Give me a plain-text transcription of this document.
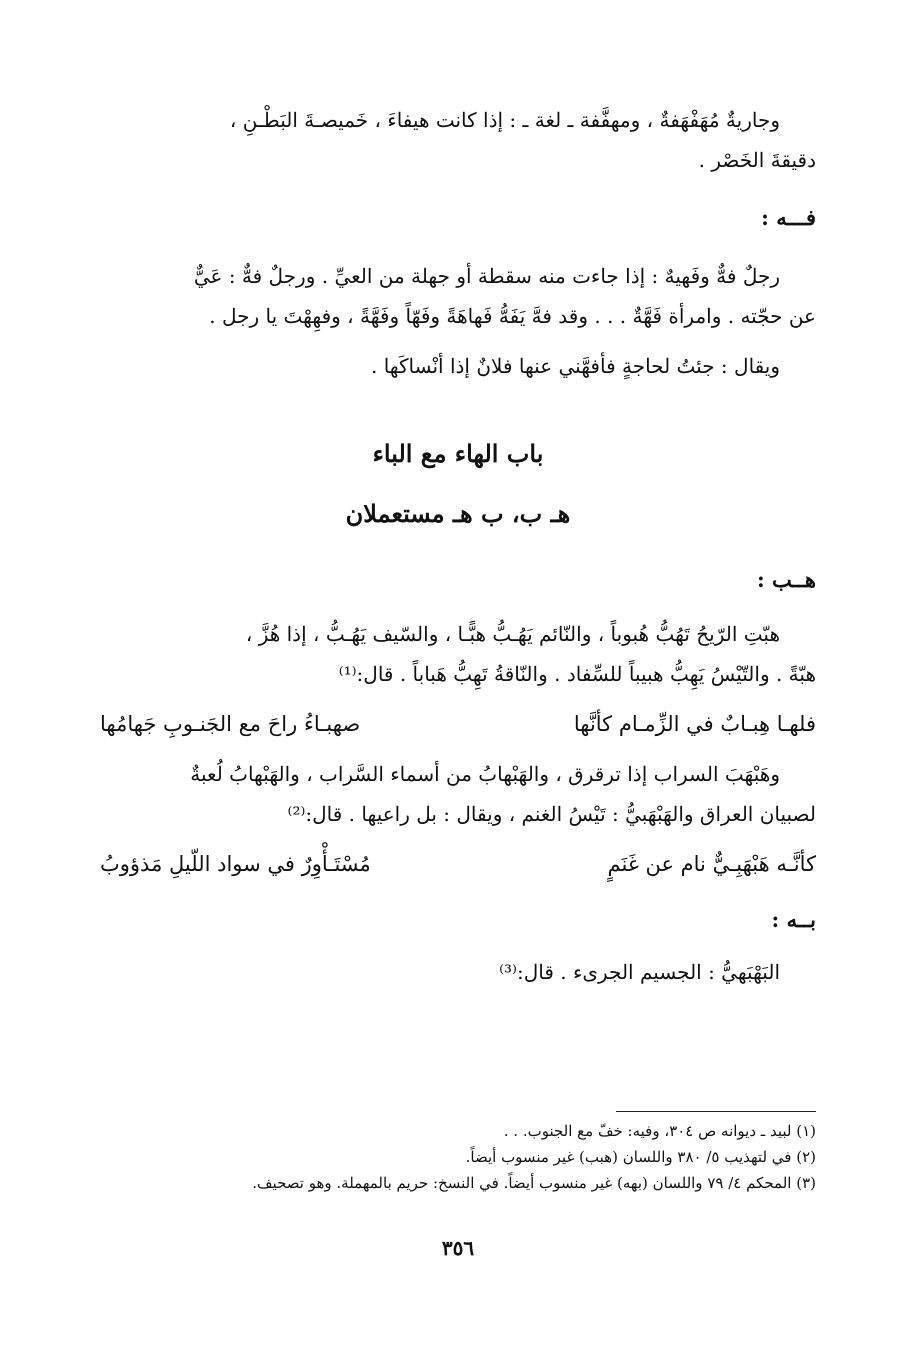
وجاريةٌ مُهَفْهَفةٌ ، ومهفَّفة ـ لغة ـ : إذا كانت هيفاءَ ، خَميصـةَ البَطْـنِ ،

دقيقةَ الخَصْر .

فـــه :

رجلٌ فهٌّ وفَهيهٌ : إذا جاءت منه سقطة أو جهلة من العيِّ . ورجلٌ فهٌّ : عَيٌّ

عن حجّته . وامرأة فَهَّةٌ . . . وقد فهَّ يَفَهُّ فَهاهَةً وفَهّاً وفَهَّةً ، وفهِهْتَ يا رجل .

ويقال : جئتُ لحاجةٍ فأفهَّني عنها فلانٌ إذا أنْساكَها .

باب الهاء مع الباء

هـ ب، ب هـ مستعملان

هــب :

هبّتِ الرّيحُ تَهُبُّ هُبوباً ، والنّائم يَهُـبُّ هبًّـا ، والسّيف يَهُـبُّ ، إذا هُزَّ ،

هبّةً . والتّيْسُ يَهِبُّ هبيباً للسِّفاد . والنّاقةُ تَهِبُّ هَباباً . قال:⁽¹⁾

فلهـا هِبـابٌ في الزِّمـام كأنَّها
صهبـاءُ راحَ مع الجَنـوبِ جَهامُها

وهَبْهَبَ السراب إذا ترقرق ، والهَبْهابُ من أسماء السَّراب ، والهَبْهابُ لُعبةٌ

لصبيان العراق والهَبْهَبيُّ : تَيْسُ الغنم ، ويقال : بل راعيها . قال:⁽²⁾

كأنَّـه هَبْهَبِـيٌّ نام عن غَنَمٍ
مُسْتَـأْوِرٌ في سواد اللّيلِ مَذؤوبُ

بــه :

البَهْبَهيُّ : الجسيم الجرىء . قال:⁽³⁾

(١) لبيد ـ ديوانه ص ٣٠٤، وفيه: خفّ مع الجنوب. . .
(٢) في لتهذيب ٥/ ٣٨٠ واللسان (هبب) غير منسوب أيضاً.
(٣) المحكم ٤/ ٧٩ واللسان (بهه) غير منسوب أيضاً. في النسخ: حريم بالمهملة. وهو تصحيف.
٣٥٦
